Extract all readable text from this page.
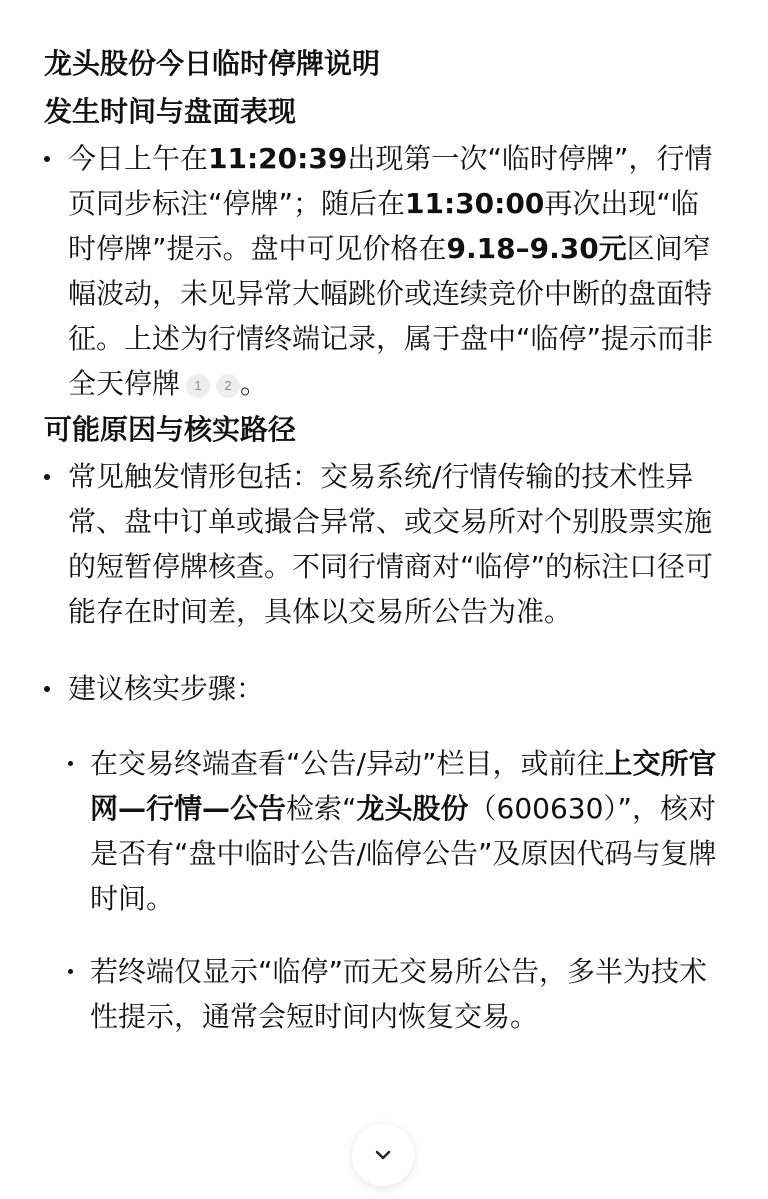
龙头股份今日临时停牌说明
发生时间与盘面表现
今日上午在11:20:39出现第一次“临时停牌”，行情页同步标注“停牌”；随后在11:30:00再次出现“临时停牌”提示。盘中可见价格在9.18–9.30元区间窄幅波动，未见异常大幅跳价或连续竞价中断的盘面特征。上述为行情终端记录，属于盘中“临停”提示而非全天停牌 1 2 。
可能原因与核实路径
常见触发情形包括：交易系统/行情传输的技术性异常、盘中订单或撮合异常、或交易所对个别股票实施的短暂停牌核查。不同行情商对“临停”的标注口径可能存在时间差，具体以交易所公告为准。
建议核实步骤：
在交易终端查看“公告/异动”栏目，或前往上交所官网—行情—公告检索“龙头股份（600630）”，核对是否有“盘中临时公告/临停公告”及原因代码与复牌时间。
若终端仅显示“临停”而无交易所公告，多半为技术性提示，通常会短时间内恢复交易。
